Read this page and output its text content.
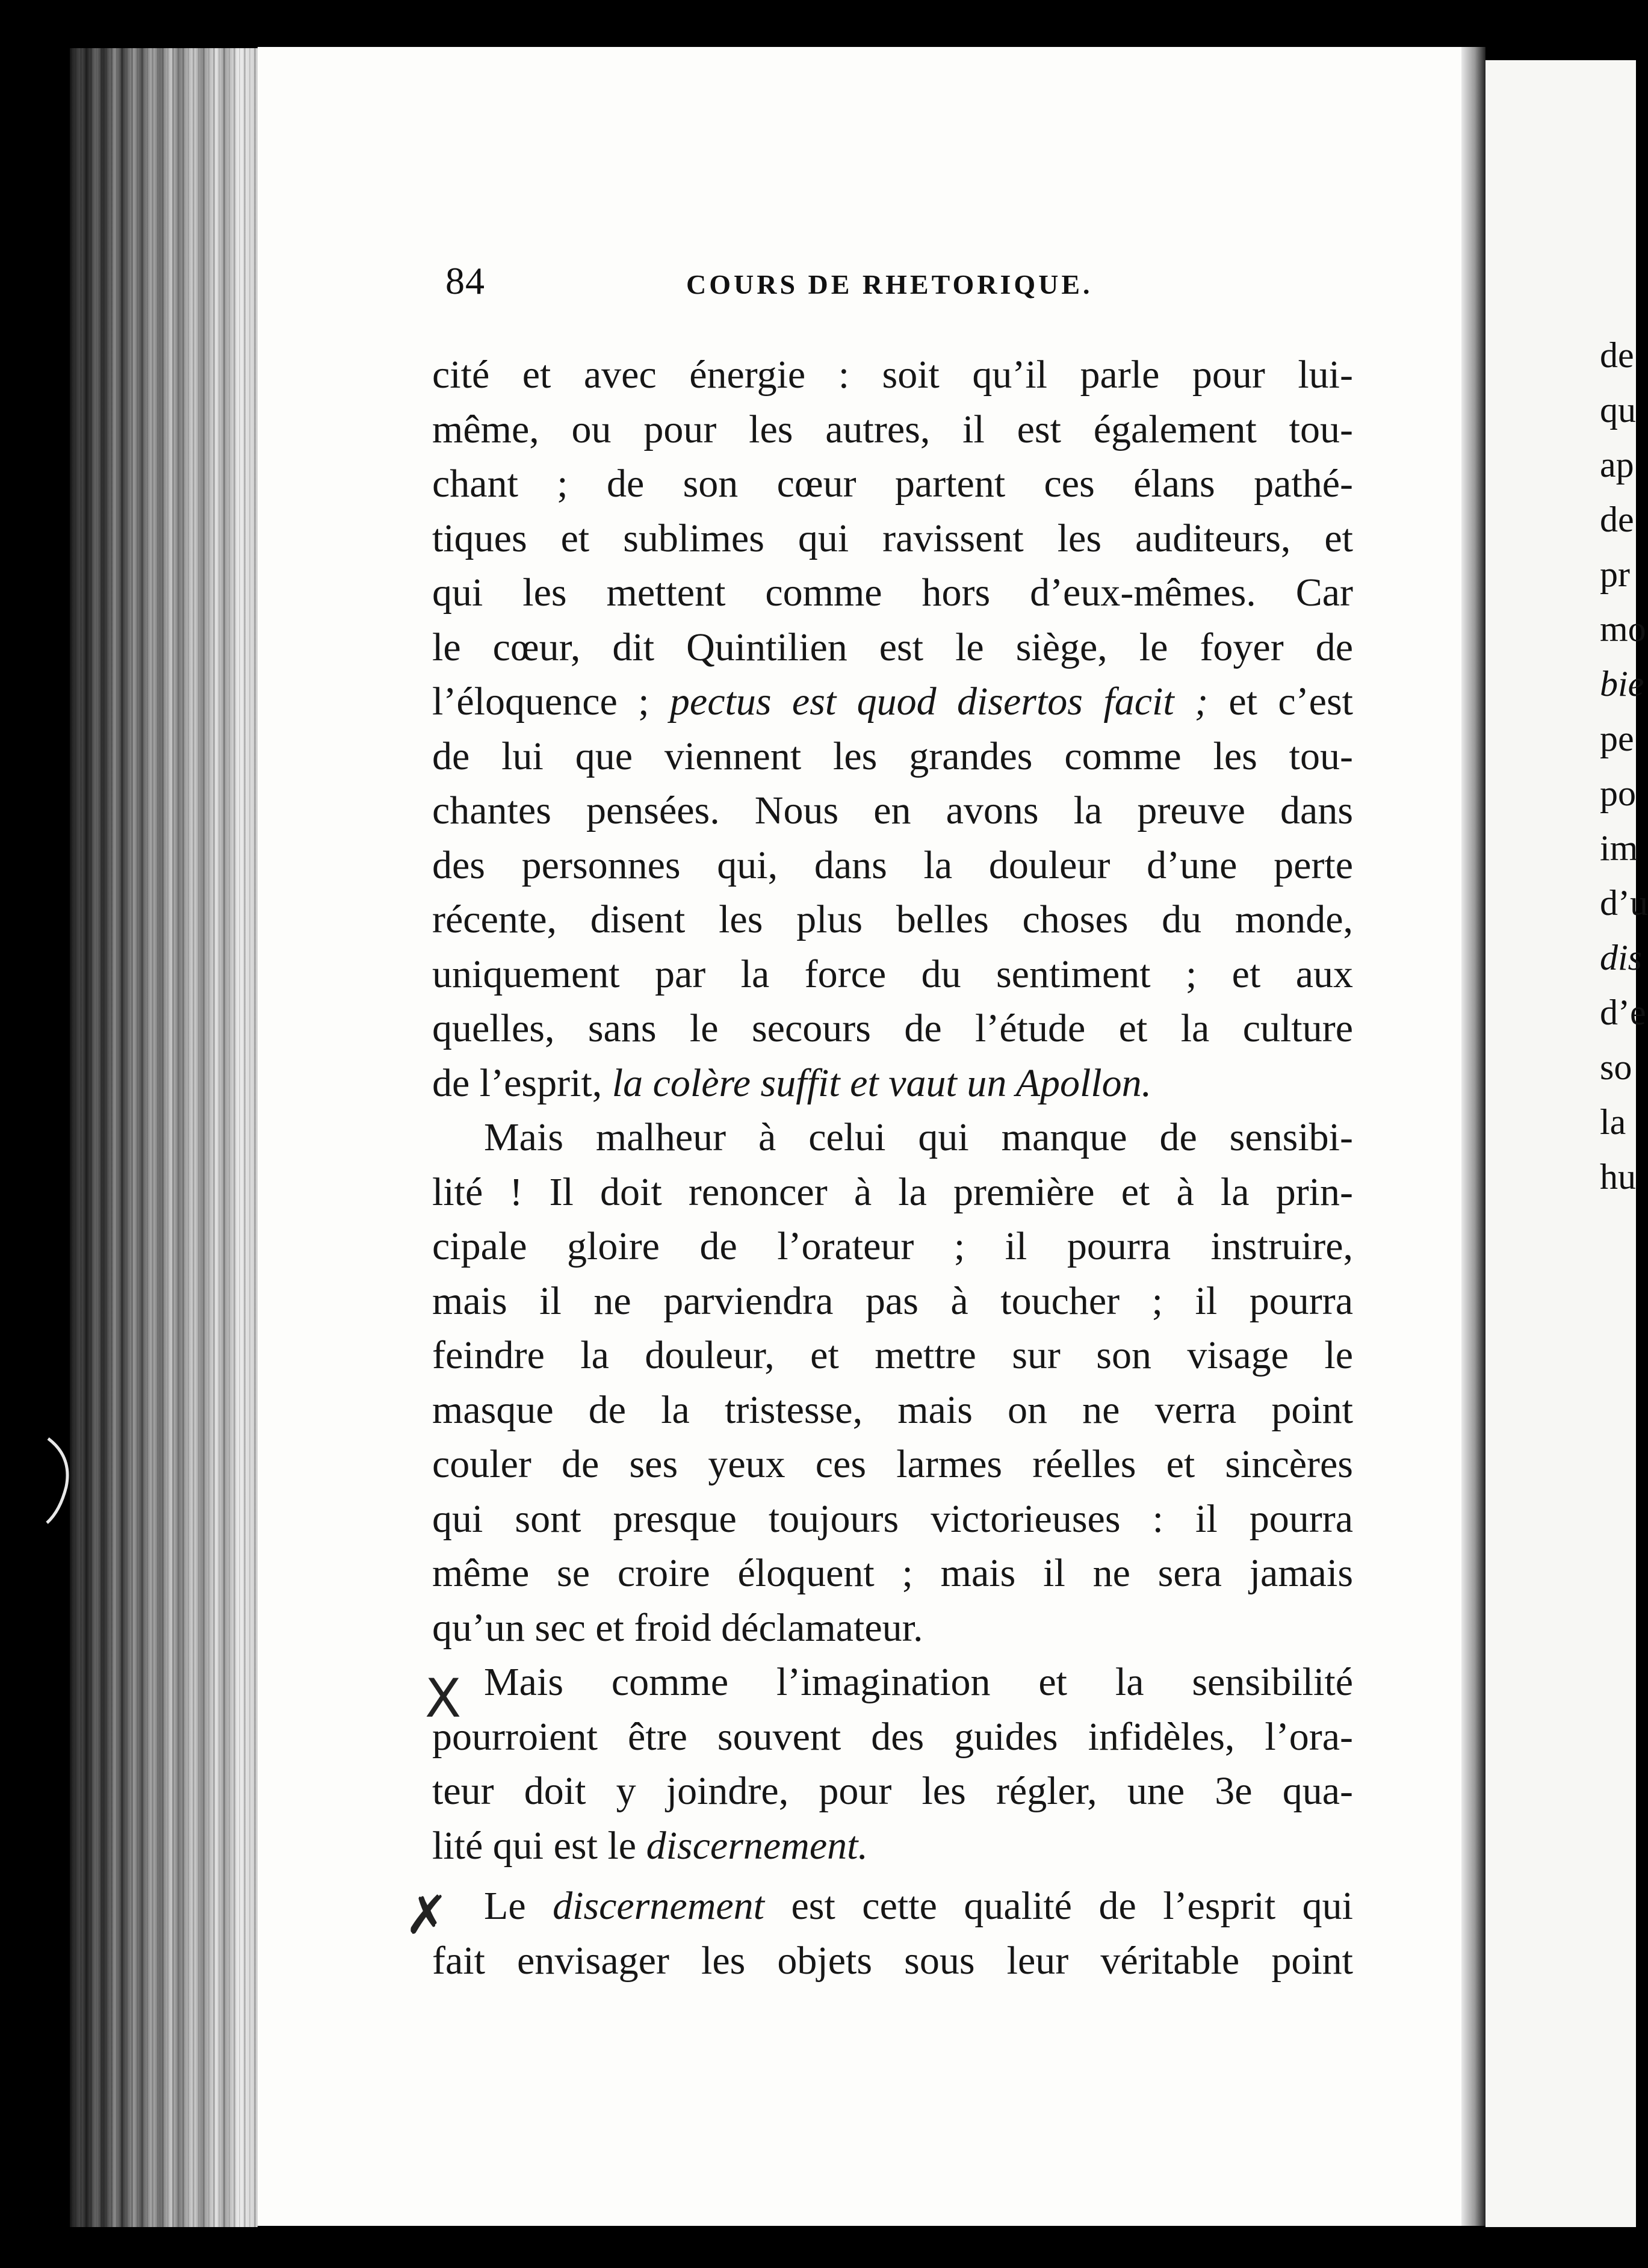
84	COURS DE RHETORIQUE.
cité et avec énergie : soit qu’il parle pour lui-
même, ou pour les autres, il est également tou-
chant ; de son cœur partent ces élans pathé-
tiques et sublimes qui ravissent les auditeurs, et
qui les mettent comme hors d’eux-mêmes. Car
le cœur, dit Quintilien est le siège, le foyer de
l’éloquence ; pectus est quod disertos facit ; et c’est
de lui que viennent les grandes comme les tou-
chantes pensées. Nous en avons la preuve dans
des personnes qui, dans la douleur d’une perte
récente, disent les plus belles choses du monde,
uniquement par la force du sentiment ; et aux
quelles, sans le secours de l’étude et la culture
de l’esprit, la colère suffit et vaut un Apollon.
Mais malheur à celui qui manque de sensibi-
lité ! Il doit renoncer à la première et à la prin-
cipale gloire de l’orateur ; il pourra instruire,
mais il ne parviendra pas à toucher ; il pourra
feindre la douleur, et mettre sur son visage le
masque de la tristesse, mais on ne verra point
couler de ses yeux ces larmes réelles et sincères
qui sont presque toujours victorieuses : il pourra
même se croire éloquent ; mais il ne sera jamais
qu’un sec et froid déclamateur.
Mais comme l’imagination et la sensibilité
pourroient être souvent des guides infidèles, l’ora-
teur doit y joindre, pour les régler, une 3e qua-
lité qui est le discernement.
Le discernement est cette qualité de l’esprit qui
fait envisager les objets sous leur véritable point
X
✗
de
qu
ap
de
pr
mo
bie
pe
po
im
d’u
dis
d’e
so
la
hu
